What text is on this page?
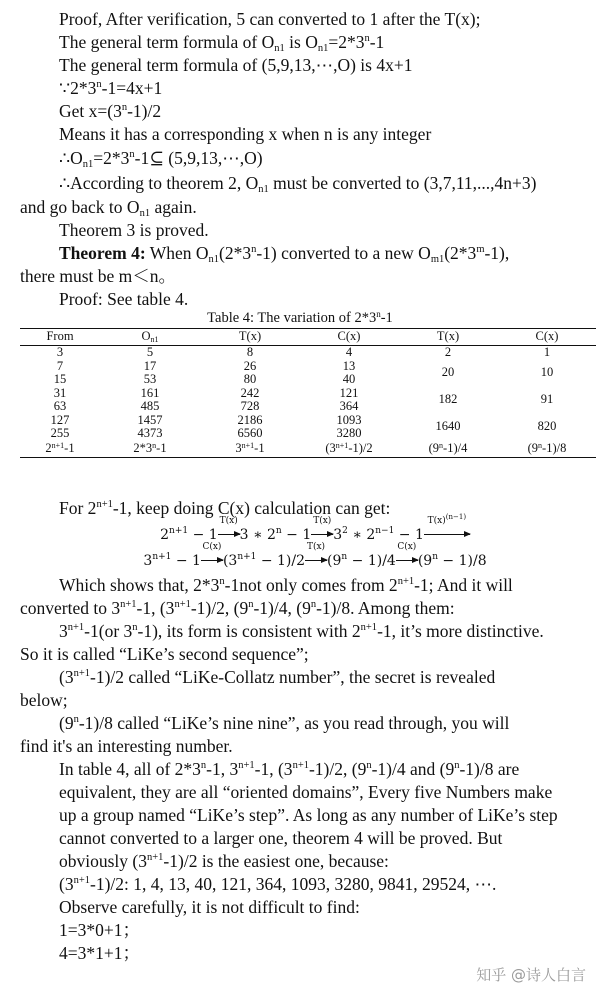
Proof, After verification, 5 can converted to 1 after the T(x);
The general term formula of $O_{n1}$ is $O_{n1}=2*3^n-1$
The general term formula of (5,9,13,⋯,O) is 4x+1
$\because 2*3^n-1=4x+1$
Get $x=(3^n-1)/2$
Means it has a corresponding x when n is any integer
$\therefore O_{n1}=2*3^n-1⊆$ (5,9,13,⋯,O)
∴According to theorem 2, $O_{n1}$ must be converted to (3,7,11,...,4n+3)
and go back to $O_{n1}$ again.
Theorem 3 is proved.
Theorem 4: When $O_{n1}(2*3^n-1)$ converted to a new $O_{m1}(2*3^m-1)$,
there must be m＜n。
Proof: See table 4.
Table 4: The variation of 2*3$^n$-1
From	$O_{n1}$	T(x)	C(x)	T(x)	C(x)
3	5	8	4	2	1
7	17	26	13	20	10
15	53	80	40		
31	161	242	121	182	91
63	485	728	364		
127	1457	2186	1093	1640	820
255	4373	6560	3280		
$2^{n+1}-1$	2*3$^n$-1	$3^{n+1}-1$	$(3^{n+1}-1)/2$	(9$^n$-1)/4	(9$^n$-1)/8
For $2^{n+1}-1$, keep doing C(x) calculation can get:
$2^{n+1} - 1$
T(x)
3 ∗ $2^n - 1$
T(x)
$3^2$ ∗ $2^{n-1} - 1$
$T(x)^{(n-1)}$
$3^{n+1} - 1$
C(x)
$(3^{n+1} - 1)/2$
T(x)
$(9^n - 1)/4$
C(x)
$(9^n - 1)/8$
Which shows that, 2*3$^n$-1not only comes from $2^{n+1}-1$; And it will
converted to $3^{n+1}-1$, $(3^{n+1}-1)/2$, (9$^n$-1)/4, (9$^n$-1)/8. Among them:
$3^{n+1}-1(or$ 3$^n$-1), its form is consistent with $2^{n+1}-1$, it’s more distinctive.
So it is called “LiKe’s second sequence”;
$(3^{n+1}-1)/2$ called “LiKe-Collatz number”, the secret is revealed
below;
(9$^n$-1)/8 called “LiKe’s nine nine”, as you read through, you will
find it's an interesting number.
In table 4, all of 2*3$^n$-1, $3^{n+1}-1$, $(3^{n+1}-1)/2$, (9$^n$-1)/4 and (9$^n$-1)/8 are
equivalent, they are all “oriented domains”, Every five Numbers make
up a group named “LiKe’s step”. As long as any number of LiKe’s step
cannot converted to a larger one, theorem 4 will be proved. But
obviously $(3^{n+1}-1)/2$ is the easiest one, because:
$(3^{n+1}-1)/2$: 1, 4, 13, 40, 121, 364, 1093, 3280, 9841, 29524, ⋯.
Observe carefully, it is not difficult to find:
1=3*0+1；
4=3*1+1；
知乎 @诗人白言
